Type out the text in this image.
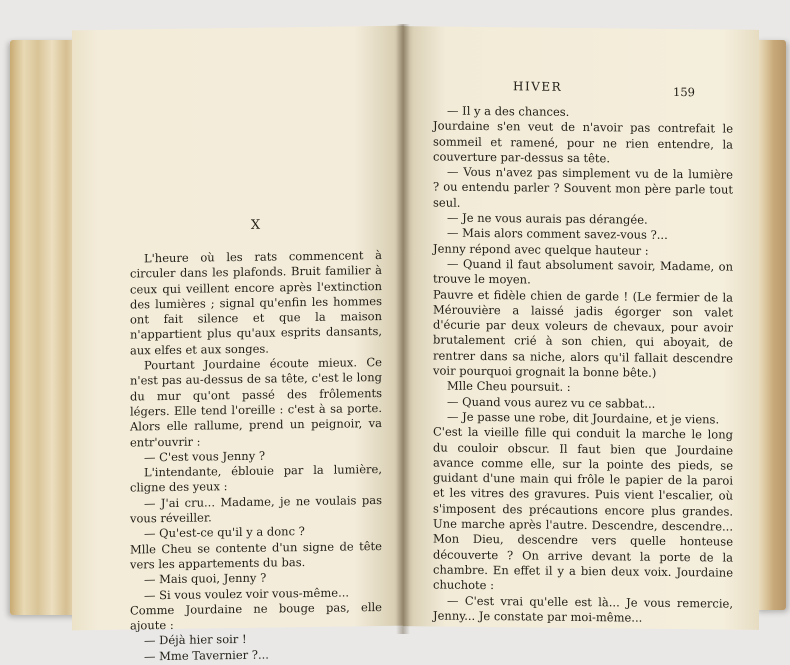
X

L'heure où les rats commencent à circuler dans les plafonds. Bruit familier à ceux qui veillent encore après l'extinction des lumières ; signal qu'enfin les hommes ont fait silence et que la maison n'appartient plus qu'aux esprits dansants, aux elfes et aux songes.

Pourtant Jourdaine écoute mieux. Ce n'est pas au-dessus de sa tête, c'est le long du mur qu'ont passé des frôlements légers. Elle tend l'oreille : c'est à sa porte. Alors elle rallume, prend un peignoir, va entr'ouvrir :

— C'est vous Jenny ?

L'intendante, éblouie par la lumière, cligne des yeux :

— J'ai cru... Madame, je ne voulais pas vous réveiller.

— Qu'est-ce qu'il y a donc ?

Mlle Cheu se contente d'un signe de tête vers les appartements du bas.

— Mais quoi, Jenny ?

— Si vous voulez voir vous-même...

Comme Jourdaine ne bouge pas, elle ajoute :

— Déjà hier soir !

— Mme Tavernier ?...

HIVER	159

— Il y a des chances.

Jourdaine s'en veut de n'avoir pas contrefait le sommeil et ramené, pour ne rien entendre, la couverture par-dessus sa tête.

— Vous n'avez pas simplement vu de la lumière ? ou entendu parler ? Souvent mon père parle tout seul.

— Je ne vous aurais pas dérangée.

— Mais alors comment savez-vous ?...

Jenny répond avec quelque hauteur :

— Quand il faut absolument savoir, Madame, on trouve le moyen.

Pauvre et fidèle chien de garde ! (Le fermier de la Mérouvière a laissé jadis égorger son valet d'écurie par deux voleurs de chevaux, pour avoir brutalement crié à son chien, qui aboyait, de rentrer dans sa niche, alors qu'il fallait descendre voir pourquoi grognait la bonne bête.)

Mlle Cheu poursuit. :

— Quand vous aurez vu ce sabbat...

— Je passe une robe, dit Jourdaine, et je viens.

C'est la vieille fille qui conduit la marche le long du couloir obscur. Il faut bien que Jourdaine avance comme elle, sur la pointe des pieds, se guidant d'une main qui frôle le papier de la paroi et les vitres des gravures. Puis vient l'escalier, où s'imposent des précautions encore plus grandes. Une marche après l'autre. Descendre, descendre... Mon Dieu, descendre vers quelle honteuse découverte ? On arrive devant la porte de la chambre. En effet il y a bien deux voix. Jourdaine chuchote :

— C'est vrai qu'elle est là... Je vous remercie, Jenny... Je constate par moi-même...
